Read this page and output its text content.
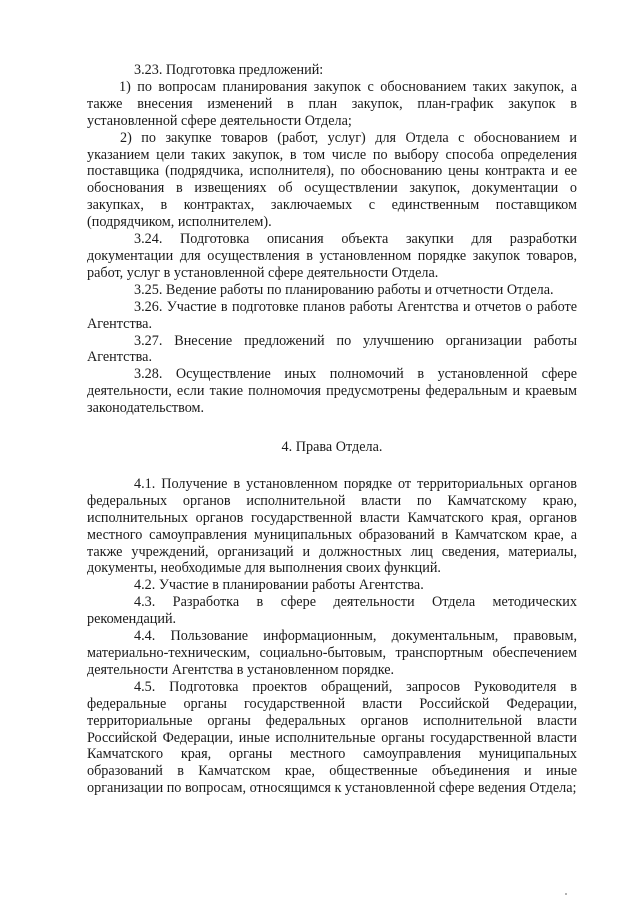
3.23. Подготовка предложений:

1) по вопросам планирования закупок с обоснованием таких закупок, а также внесения изменений в план закупок, план-график закупок в установленной сфере деятельности Отдела;

2) по закупке товаров (работ, услуг) для Отдела с обоснованием и указанием цели таких закупок, в том числе по выбору способа определения поставщика (подрядчика, исполнителя), по обоснованию цены контракта и ее обоснования в извещениях об осуществлении закупок, документации о закупках, в контрактах, заключаемых с единственным поставщиком (подрядчиком, исполнителем).

3.24. Подготовка описания объекта закупки для разработки документации для осуществления в установленном порядке закупок товаров, работ, услуг в установленной сфере деятельности Отдела.

3.25. Ведение работы по планированию работы и отчетности Отдела.

3.26. Участие в подготовке планов работы Агентства и отчетов о работе Агентства.

3.27. Внесение предложений по улучшению организации работы Агентства.

3.28. Осуществление иных полномочий в установленной сфере деятельности, если такие полномочия предусмотрены федеральным и краевым законодательством.

4. Права Отдела.

4.1. Получение в установленном порядке от территориальных органов федеральных органов исполнительной власти по Камчатскому краю, исполнительных органов государственной власти Камчатского края, органов местного самоуправления муниципальных образований в Камчатском крае, а также учреждений, организаций и должностных лиц сведения, материалы, документы, необходимые для выполнения своих функций.

4.2. Участие в планировании работы Агентства.

4.3. Разработка в сфере деятельности Отдела методических рекомендаций.

4.4. Пользование информационным, документальным, правовым, материально-техническим, социально-бытовым, транспортным обеспечением деятельности Агентства в установленном порядке.

4.5. Подготовка проектов обращений, запросов Руководителя в федеральные органы государственной власти Российской Федерации, территориальные органы федеральных органов исполнительной власти Российской Федерации, иные исполнительные органы государственной власти Камчатского края, органы местного самоуправления муниципальных образований в Камчатском крае, общественные объединения и иные организации по вопросам, относящимся к установленной сфере ведения Отдела;
